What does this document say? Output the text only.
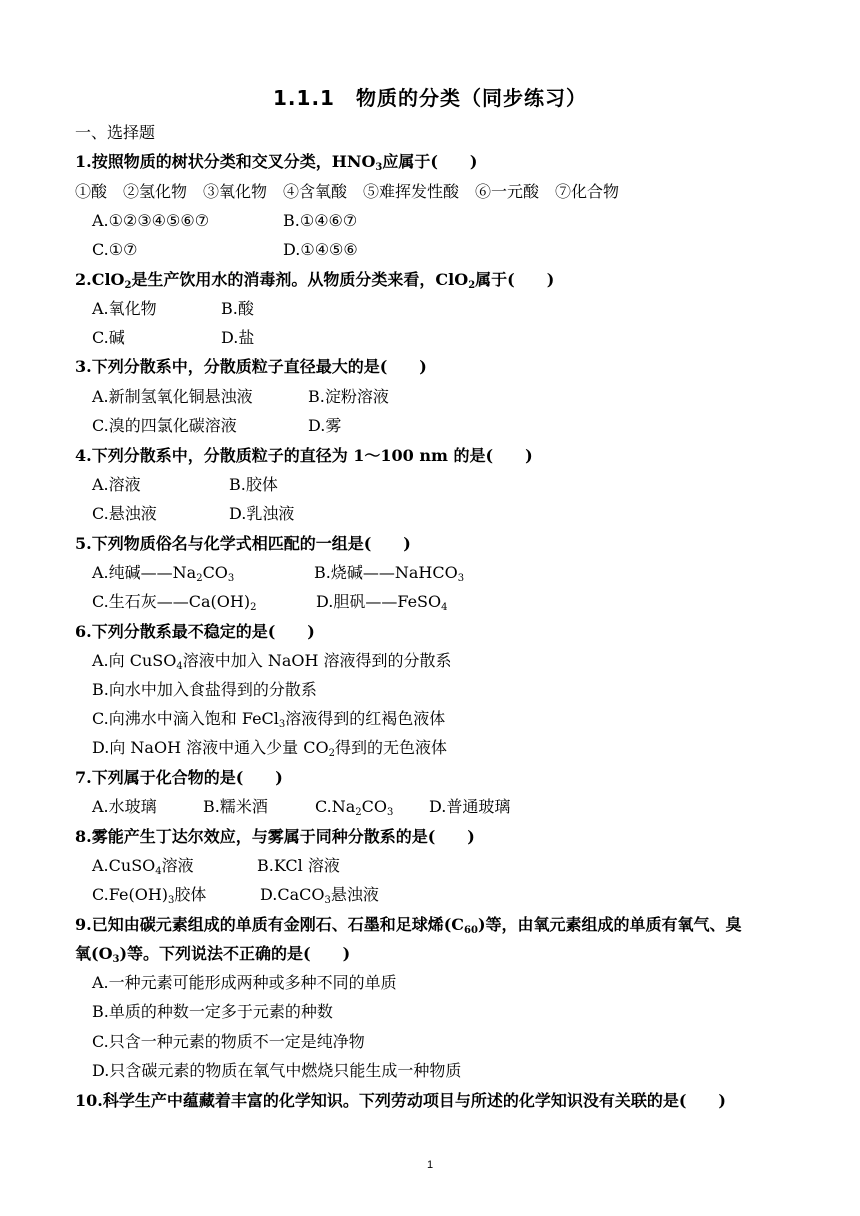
1.1.1　物质的分类（同步练习）
一、选择题
1.按照物质的树状分类和交叉分类，$HNO_3$应属于(　　)
①酸　②氢化物　③氧化物　④含氧酸　⑤难挥发性酸　⑥一元酸　⑦化合物
A.①②③④⑤⑥⑦	B.①④⑥⑦
C.①⑦	D.①④⑤⑥
2.ClO$_2$是生产饮用水的消毒剂。从物质分类来看，ClO$_2$属于(　　)
A.氧化物	B.酸
C.碱	D.盐
3.下列分散系中，分散质粒子直径最大的是(　　)
A.新制氢氧化铜悬浊液	B.淀粉溶液
C.溴的四氯化碳溶液	D.雾
4.下列分散系中，分散质粒子的直径为 1～100 nm 的是(　　)
A.溶液	B.胶体
C.悬浊液	D.乳浊液
5.下列物质俗名与化学式相匹配的一组是(　　)
A.纯碱$——Na_2CO_3$	B.烧碱——NaHCO$_3$
C.生石灰$——Ca(OH)_2$	D.胆矾——FeSO$_4$
6.下列分散系最不稳定的是(　　)
A.向 CuSO$_4$溶液中加入 NaOH 溶液得到的分散系
B.向水中加入食盐得到的分散系
C.向沸水中滴入饱和 FeCl$_3$溶液得到的红褐色液体
D.向 NaOH 溶液中通入少量 $CO_2$得到的无色液体
7.下列属于化合物的是(　　)
A.水玻璃	B.糯米酒	$C.Na_2CO_3$ D.普通玻璃
8.雾能产生丁达尔效应，与雾属于同种分散系的是(　　)
A.CuSO$_4$溶液	B.KCl 溶液
$C.Fe(OH)_3$胶体	D.CaCO$_3$悬浊液
9.已知由碳元素组成的单质有金刚石、石墨和足球烯$(C_{60})$等，由氧元素组成的单质有氧气、臭
氧$(O_3)$等。下列说法不正确的是(　　)
A.一种元素可能形成两种或多种不同的单质
B.单质的种数一定多于元素的种数
C.只含一种元素的物质不一定是纯净物
D.只含碳元素的物质在氧气中燃烧只能生成一种物质
10.科学生产中蕴藏着丰富的化学知识。下列劳动项目与所述的化学知识没有关联的是(　　)
1
